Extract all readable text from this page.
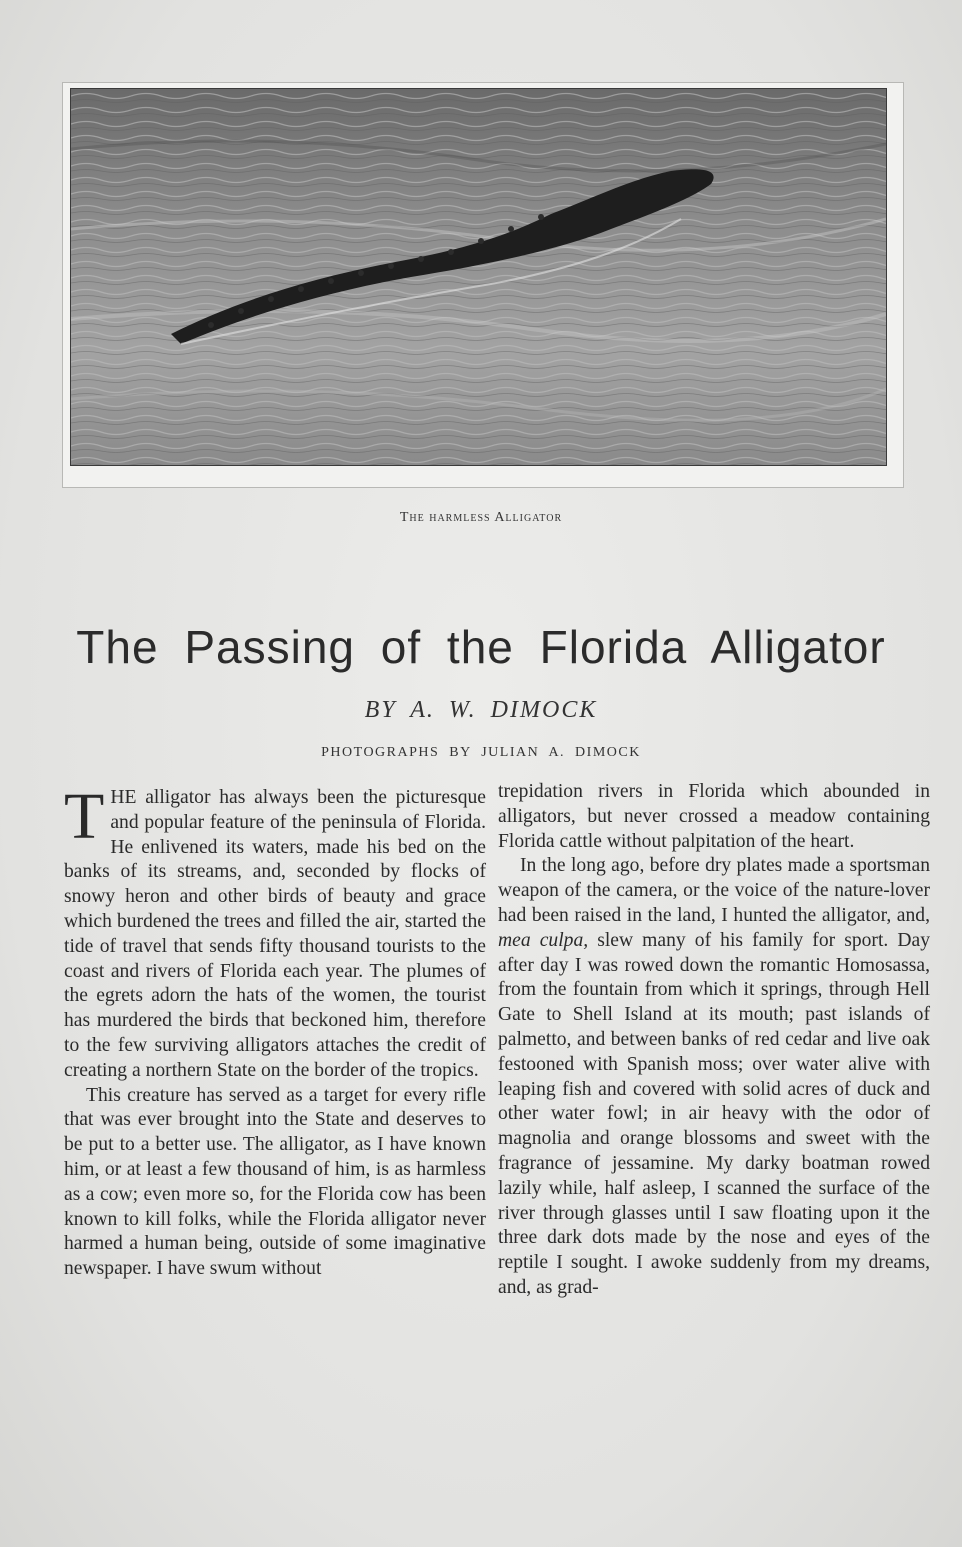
The harmless Alligator
The Passing of the Florida Alligator
BY A. W. DIMOCK
PHOTOGRAPHS BY JULIAN A. DIMOCK

THE alligator has always been the picturesque and popular feature of the peninsula of Florida. He enlivened its waters, made his bed on the banks of its streams, and, seconded by flocks of snowy heron and other birds of beauty and grace which burdened the trees and filled the air, started the tide of travel that sends fifty thousand tourists to the coast and rivers of Florida each year. The plumes of the egrets adorn the hats of the women, the tourist has murdered the birds that beckoned him, therefore to the few surviving alligators attaches the credit of creating a northern State on the border of the tropics.

This creature has served as a target for every rifle that was ever brought into the State and deserves to be put to a better use. The alligator, as I have known him, or at least a few thousand of him, is as harmless as a cow; even more so, for the Florida cow has been known to kill folks, while the Florida alligator never harmed a human being, outside of some imaginative newspaper. I have swum without

trepidation rivers in Florida which abounded in alligators, but never crossed a meadow containing Florida cattle without palpitation of the heart.

In the long ago, before dry plates made a sportsman weapon of the camera, or the voice of the nature-lover had been raised in the land, I hunted the alligator, and, mea culpa, slew many of his family for sport. Day after day I was rowed down the romantic Homosassa, from the fountain from which it springs, through Hell Gate to Shell Island at its mouth; past islands of palmetto, and between banks of red cedar and live oak festooned with Spanish moss; over water alive with leaping fish and covered with solid acres of duck and other water fowl; in air heavy with the odor of magnolia and orange blossoms and sweet with the fragrance of jessamine. My darky boatman rowed lazily while, half asleep, I scanned the surface of the river through glasses until I saw floating upon it the three dark dots made by the nose and eyes of the reptile I sought. I awoke suddenly from my dreams, and, as grad-
